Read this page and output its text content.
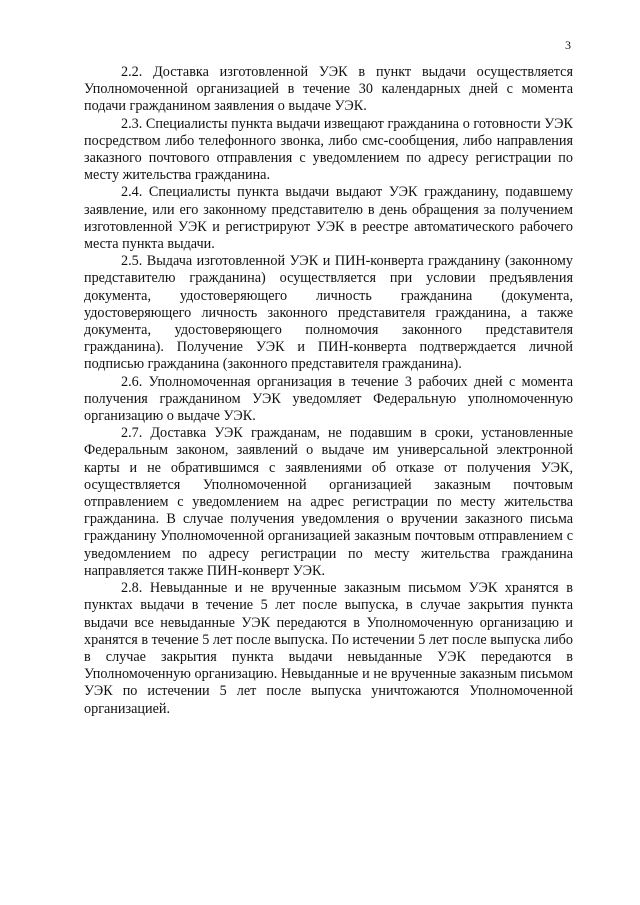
3

2.2. Доставка изготовленной УЭК в пункт выдачи осуществляется Уполномоченной организацией в течение 30 календарных дней с момента подачи гражданином заявления о выдаче УЭК.

2.3. Специалисты пункта выдачи извещают гражданина о готовности УЭК посредством либо телефонного звонка, либо смс-сообщения, либо направления заказного почтового отправления с уведомлением по адресу регистрации по месту жительства гражданина.

2.4. Специалисты пункта выдачи выдают УЭК гражданину, подавшему заявление, или его законному представителю в день обращения за получением изготовленной УЭК и регистрируют УЭК в реестре автоматического рабочего места пункта выдачи.

2.5. Выдача изготовленной УЭК и ПИН-конверта гражданину (законному представителю гражданина) осуществляется при условии предъявления документа, удостоверяющего личность гражданина (документа, удостоверяющего личность законного представителя гражданина, а также документа, удостоверяющего полномочия законного представителя гражданина). Получение УЭК и ПИН-конверта подтверждается личной подписью гражданина (законного представителя гражданина).

2.6. Уполномоченная организация в течение 3 рабочих дней с момента получения гражданином УЭК уведомляет Федеральную уполномоченную организацию о выдаче УЭК.

2.7. Доставка УЭК гражданам, не подавшим в сроки, установленные Федеральным законом, заявлений о выдаче им универсальной электронной карты и не обратившимся с заявлениями об отказе от получения УЭК, осуществляется Уполномоченной организацией заказным почтовым отправлением с уведомлением на адрес регистрации по месту жительства гражданина. В случае получения уведомления о вручении заказного письма гражданину Уполномоченной организацией заказным почтовым отправлением с уведомлением по адресу регистрации по месту жительства гражданина направляется также ПИН-конверт УЭК.

2.8. Невыданные и не врученные заказным письмом УЭК хранятся в пунктах выдачи в течение 5 лет после выпуска, в случае закрытия пункта выдачи все невыданные УЭК передаются в Уполномоченную организацию и хранятся в течение 5 лет после выпуска. По истечении 5 лет после выпуска либо в случае закрытия пункта выдачи невыданные УЭК передаются в Уполномоченную организацию. Невыданные и не врученные заказным письмом УЭК по истечении 5 лет после выпуска уничтожаются Уполномоченной организацией.
